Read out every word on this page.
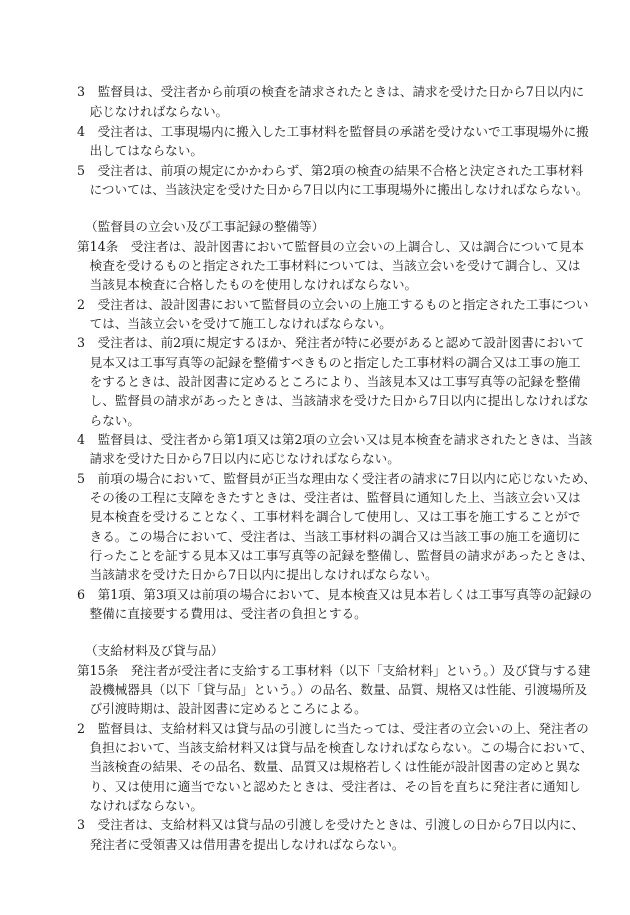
3　監督員は、受注者から前項の検査を請求されたときは、請求を受けた日から7日以内に
　応じなければならない。
4　受注者は、工事現場内に搬入した工事材料を監督員の承諾を受けないで工事現場外に搬
　出してはならない。
5　受注者は、前項の規定にかかわらず、第2項の検査の結果不合格と決定された工事材料
　については、当該決定を受けた日から7日以内に工事現場外に搬出しなければならない。
（監督員の立会い及び工事記録の整備等）
第14条　受注者は、設計図書において監督員の立会いの上調合し、又は調合について見本
　検査を受けるものと指定された工事材料については、当該立会いを受けて調合し、又は
　当該見本検査に合格したものを使用しなければならない。
2　受注者は、設計図書において監督員の立会いの上施工するものと指定された工事につい
　ては、当該立会いを受けて施工しなければならない。
3　受注者は、前2項に規定するほか、発注者が特に必要があると認めて設計図書において
　見本又は工事写真等の記録を整備すべきものと指定した工事材料の調合又は工事の施工
　をするときは、設計図書に定めるところにより、当該見本又は工事写真等の記録を整備
　し、監督員の請求があったときは、当該請求を受けた日から7日以内に提出しなければな
　らない。
4　監督員は、受注者から第1項又は第2項の立会い又は見本検査を請求されたときは、当該
　請求を受けた日から7日以内に応じなければならない。
5　前項の場合において、監督員が正当な理由なく受注者の請求に7日以内に応じないため、
　その後の工程に支障をきたすときは、受注者は、監督員に通知した上、当該立会い又は
　見本検査を受けることなく、工事材料を調合して使用し、又は工事を施工することがで
　きる。この場合において、受注者は、当該工事材料の調合又は当該工事の施工を適切に
　行ったことを証する見本又は工事写真等の記録を整備し、監督員の請求があったときは、
　当該請求を受けた日から7日以内に提出しなければならない。
6　第1項、第3項又は前項の場合において、見本検査又は見本若しくは工事写真等の記録の
　整備に直接要する費用は、受注者の負担とする。
（支給材料及び貸与品）
第15条　発注者が受注者に支給する工事材料（以下「支給材料」という。）及び貸与する建
　設機械器具（以下「貸与品」という。）の品名、数量、品質、規格又は性能、引渡場所及
　び引渡時期は、設計図書に定めるところによる。
2　監督員は、支給材料又は貸与品の引渡しに当たっては、受注者の立会いの上、発注者の
　負担において、当該支給材料又は貸与品を検査しなければならない。この場合において、
　当該検査の結果、その品名、数量、品質又は規格若しくは性能が設計図書の定めと異な
　り、又は使用に適当でないと認めたときは、受注者は、その旨を直ちに発注者に通知し
　なければならない。
3　受注者は、支給材料又は貸与品の引渡しを受けたときは、引渡しの日から7日以内に、
　発注者に受領書又は借用書を提出しなければならない。
